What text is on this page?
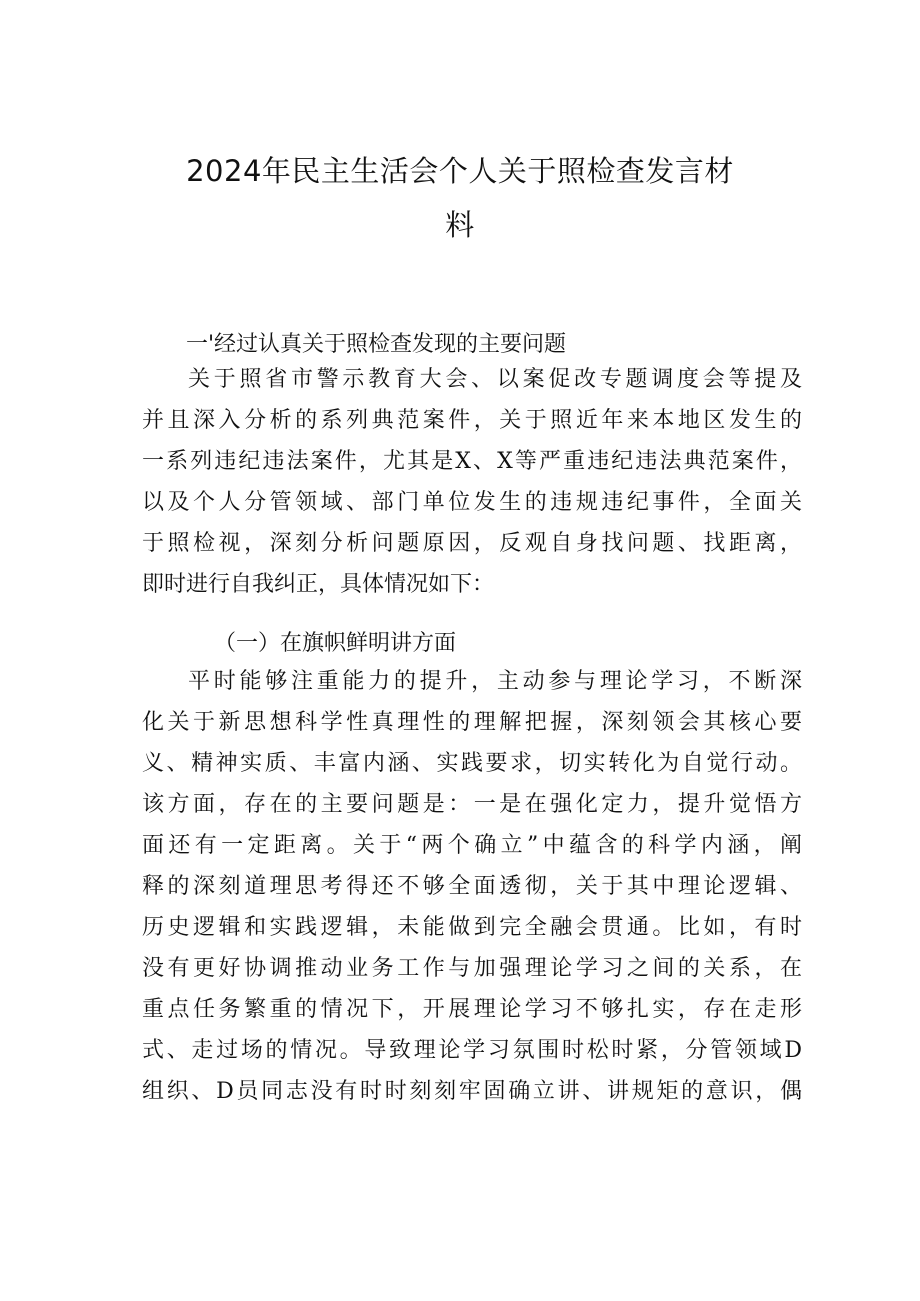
2024年民主生活会个人关于照检查发言材
料
一'经过认真关于照检查发现的主要问题
关于照省市警示教育大会、以案促改专题调度会等提及
并且深入分析的系列典范案件，关于照近年来本地区发生的
一系列违纪违法案件，尤其是X、X等严重违纪违法典范案件，
以及个人分管领域、部门单位发生的违规违纪事件，全面关
于照检视，深刻分析问题原因，反观自身找问题、找距离，
即时进行自我纠正，具体情况如下：
（一）在旗帜鲜明讲方面
平时能够注重能力的提升，主动参与理论学习，不断深
化关于新思想科学性真理性的理解把握，深刻领会其核心要
义、精神实质、丰富内涵、实践要求，切实转化为自觉行动。
该方面，存在的主要问题是：一是在强化定力，提升觉悟方
面还有一定距离。关于“两个确立”中蕴含的科学内涵，阐
释的深刻道理思考得还不够全面透彻，关于其中理论逻辑、
历史逻辑和实践逻辑，未能做到完全融会贯通。比如，有时
没有更好协调推动业务工作与加强理论学习之间的关系，在
重点任务繁重的情况下，开展理论学习不够扎实，存在走形
式、走过场的情况。导致理论学习氛围时松时紧，分管领域D
组织、D员同志没有时时刻刻牢固确立讲、讲规矩的意识，偶
